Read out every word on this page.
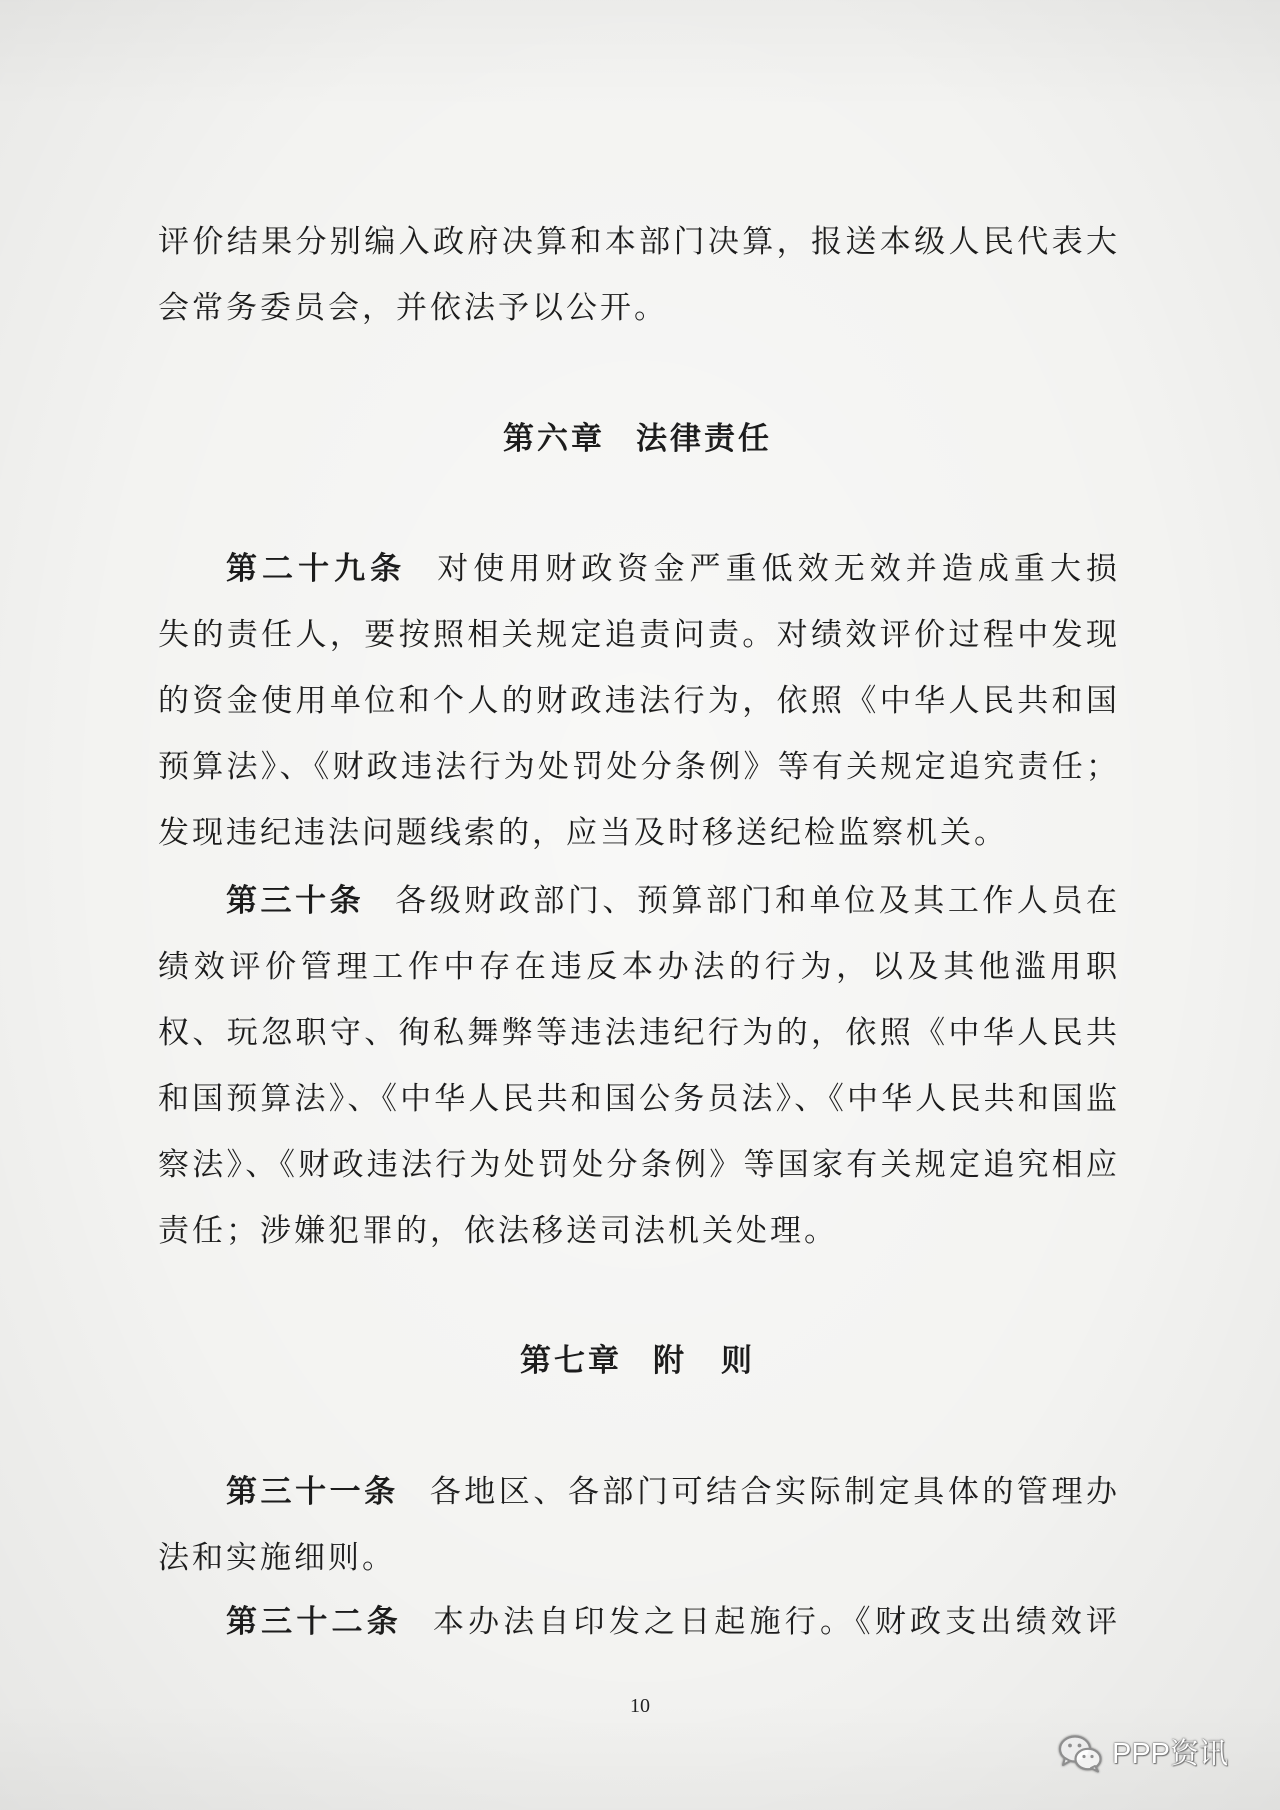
评价结果分别编入政府决算和本部门决算，报送本级人民代表大
会常务委员会，并依法予以公开。
第六章 法律责任
第二十九条 对使用财政资金严重低效无效并造成重大损
失的责任人，要按照相关规定追责问责。对绩效评价过程中发现
的资金使用单位和个人的财政违法行为，依照《中华人民共和国
预算法》、《财政违法行为处罚处分条例》等有关规定追究责任；
发现违纪违法问题线索的，应当及时移送纪检监察机关。
第三十条 各级财政部门、预算部门和单位及其工作人员在
绩效评价管理工作中存在违反本办法的行为，以及其他滥用职
权、玩忽职守、徇私舞弊等违法违纪行为的，依照《中华人民共
和国预算法》、《中华人民共和国公务员法》、《中华人民共和国监
察法》、《财政违法行为处罚处分条例》等国家有关规定追究相应
责任；涉嫌犯罪的，依法移送司法机关处理。
第七章 附　则
第三十一条 各地区、各部门可结合实际制定具体的管理办
法和实施细则。
第三十二条 本办法自印发之日起施行。《财政支出绩效评
10
PPP资讯
